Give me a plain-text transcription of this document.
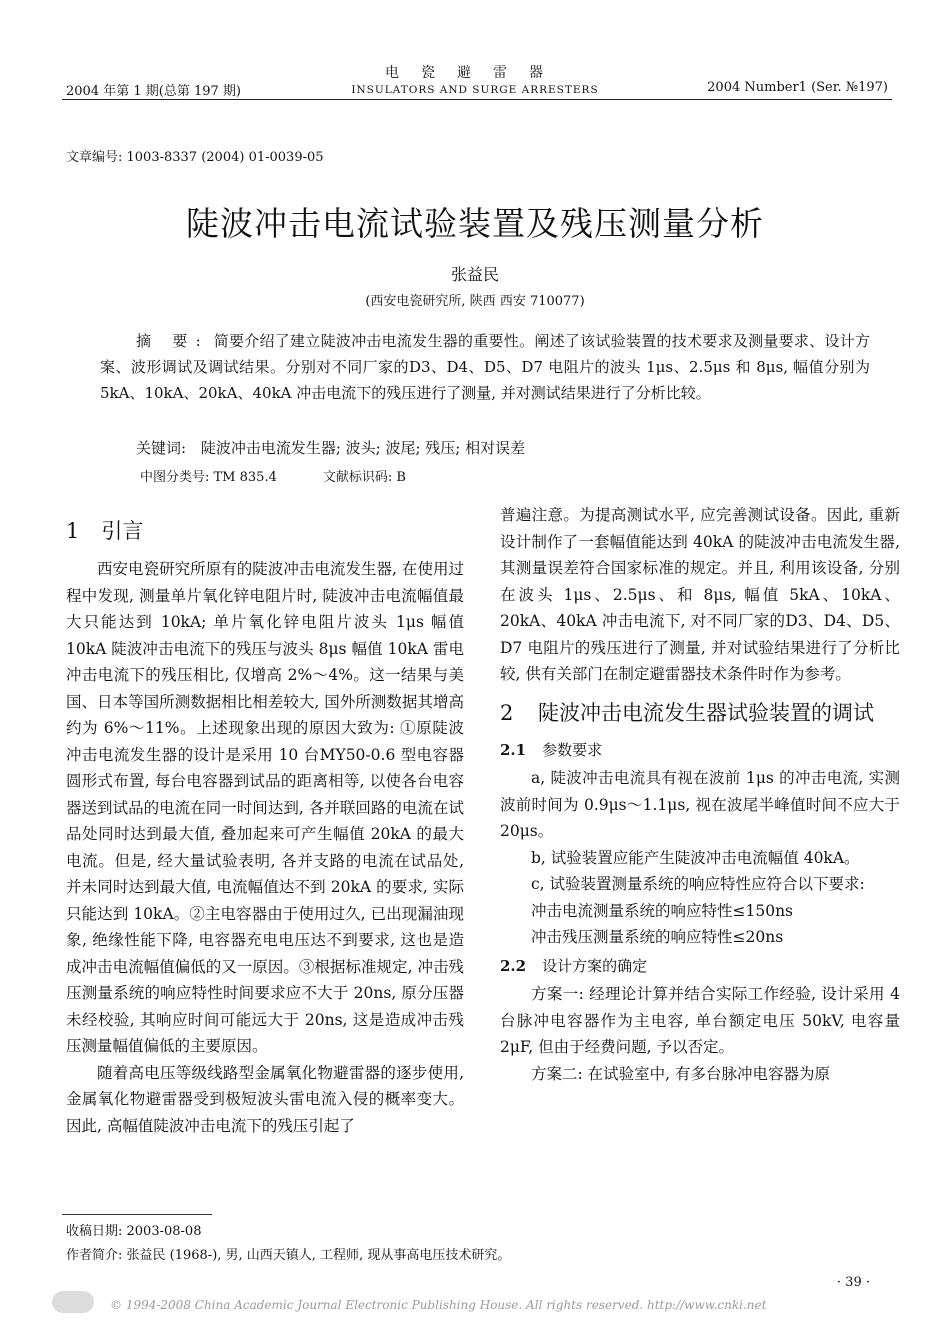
2004 年第 1 期(总第 197 期)
电瓷避雷器
INSULATORS AND SURGE ARRESTERS	2004 Number1 (Ser. №197)
文章编号: 1003-8337 (2004) 01-0039-05
陡波冲击电流试验装置及残压测量分析
张益民
(西安电瓷研究所, 陕西 西安 710077)
摘 要: 简要介绍了建立陡波冲击电流发生器的重要性。阐述了该试验装置的技术要求及测量要求、设计方案、波形调试及调试结果。分别对不同厂家的D3、D4、D5、D7 电阻片的波头 1μs、2.5μs 和 8μs, 幅值分别为 5kA、10kA、20kA、40kA 冲击电流下的残压进行了测量, 并对测试结果进行了分析比较。
关键词: 陡波冲击电流发生器; 波头; 波尾; 残压; 相对误差
中图分类号: TM 835.4	文献标识码: B
1 引言

西安电瓷研究所原有的陡波冲击电流发生器, 在使用过程中发现, 测量单片氧化锌电阻片时, 陡波冲击电流幅值最大只能达到 10kA; 单片氧化锌电阻片波头 1μs 幅值 10kA 陡波冲击电流下的残压与波头 8μs 幅值 10kA 雷电冲击电流下的残压相比, 仅增高 2%～4%。这一结果与美国、日本等国所测数据相比相差较大, 国外所测数据其增高约为 6%～11%。上述现象出现的原因大致为: ①原陡波冲击电流发生器的设计是采用 10 台MY50-0.6 型电容器圆形式布置, 每台电容器到试品的距离相等, 以使各台电容器送到试品的电流在同一时间达到, 各并联回路的电流在试品处同时达到最大值, 叠加起来可产生幅值 20kA 的最大电流。但是, 经大量试验表明, 各并支路的电流在试品处, 并未同时达到最大值, 电流幅值达不到 20kA 的要求, 实际只能达到 10kA。②主电容器由于使用过久, 已出现漏油现象, 绝缘性能下降, 电容器充电电压达不到要求, 这也是造成冲击电流幅值偏低的又一原因。③根据标准规定, 冲击残压测量系统的响应特性时间要求应不大于 20ns, 原分压器未经校验, 其响应时间可能远大于 20ns, 这是造成冲击残压测量幅值偏低的主要原因。

随着高电压等级线路型金属氧化物避雷器的逐步使用, 金属氧化物避雷器受到极短波头雷电流入侵的概率变大。因此, 高幅值陡波冲击电流下的残压引起了

普遍注意。为提高测试水平, 应完善测试设备。因此, 重新设计制作了一套幅值能达到 40kA 的陡波冲击电流发生器, 其测量误差符合国家标准的规定。并且, 利用该设备, 分别在波头 1μs、2.5μs、和 8μs, 幅值 5kA、10kA、20kA、40kA 冲击电流下, 对不同厂家的D3、D4、D5、D7 电阻片的残压进行了测量, 并对试验结果进行了分析比较, 供有关部门在制定避雷器技术条件时作为参考。

2	陡波冲击电流发生器试验装置的调试
2.1 参数要求

a, 陡波冲击电流具有视在波前 1μs 的冲击电流, 实测波前时间为 0.9μs～1.1μs, 视在波尾半峰值时间不应大于 20μs。

b, 试验装置应能产生陡波冲击电流幅值 40kA。

c, 试验装置测量系统的响应特性应符合以下要求:

冲击电流测量系统的响应特性≤150ns
冲击残压测量系统的响应特性≤20ns
2.2 设计方案的确定

方案一: 经理论计算并结合实际工作经验, 设计采用 4 台脉冲电容器作为主电容, 单台额定电压 50kV, 电容量 2μF, 但由于经费问题, 予以否定。

方案二: 在试验室中, 有多台脉冲电容器为原

收稿日期: 2003-08-08
作者简介: 张益民 (1968-), 男, 山西天镇人, 工程师, 现从事高电压技术研究。
· 39 ·
© 1994-2008 China Academic Journal Electronic Publishing House. All rights reserved. http://www.cnki.net
